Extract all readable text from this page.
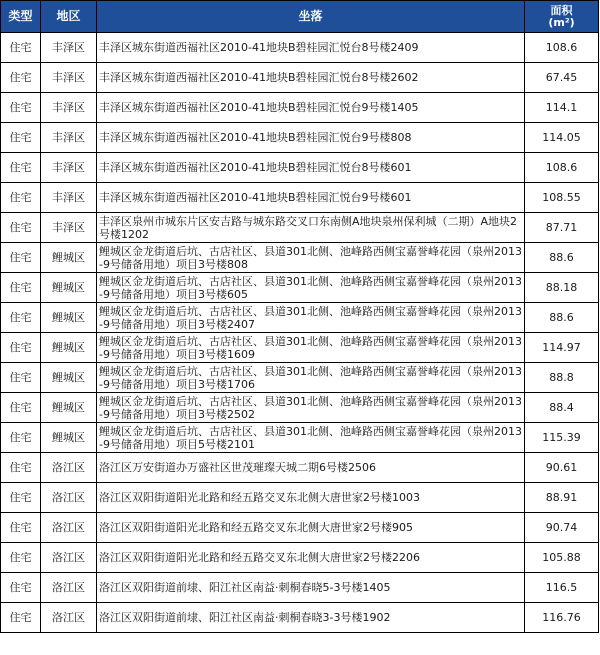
类型	地区	坐落	面积
(m²)

住宅	丰泽区	丰泽区城东街道西福社区2010-41地块B碧桂园汇悦台8号楼2409	108.6
住宅	丰泽区	丰泽区城东街道西福社区2010-41地块B碧桂园汇悦台8号楼2602	67.45
住宅	丰泽区	丰泽区城东街道西福社区2010-41地块B碧桂园汇悦台9号楼1405	114.1
住宅	丰泽区	丰泽区城东街道西福社区2010-41地块B碧桂园汇悦台9号楼808	114.05
住宅	丰泽区	丰泽区城东街道西福社区2010-41地块B碧桂园汇悦台8号楼601	108.6
住宅	丰泽区	丰泽区城东街道西福社区2010-41地块B碧桂园汇悦台9号楼601	108.55
住宅	丰泽区	丰泽区泉州市城东片区安吉路与城东路交叉口东南侧A地块泉州保利城（二期）A地块2号楼1202	87.71
住宅	鲤城区	鲤城区金龙街道后坑、古店社区、县道301北侧、池峰路西侧宝嘉誉峰花园（泉州2013-9号储备用地）项目3号楼808	88.6
住宅	鲤城区	鲤城区金龙街道后坑、古店社区、县道301北侧、池峰路西侧宝嘉誉峰花园（泉州2013-9号储备用地）项目3号楼605	88.18
住宅	鲤城区	鲤城区金龙街道后坑、古店社区、县道301北侧、池峰路西侧宝嘉誉峰花园（泉州2013-9号储备用地）项目3号楼2407	88.6
住宅	鲤城区	鲤城区金龙街道后坑、古店社区、县道301北侧、池峰路西侧宝嘉誉峰花园（泉州2013-9号储备用地）项目3号楼1609	114.97
住宅	鲤城区	鲤城区金龙街道后坑、古店社区、县道301北侧、池峰路西侧宝嘉誉峰花园（泉州2013-9号储备用地）项目3号楼1706	88.8
住宅	鲤城区	鲤城区金龙街道后坑、古店社区、县道301北侧、池峰路西侧宝嘉誉峰花园（泉州2013-9号储备用地）项目3号楼2502	88.4
住宅	鲤城区	鲤城区金龙街道后坑、古店社区、县道301北侧、池峰路西侧宝嘉誉峰花园（泉州2013-9号储备用地）项目5号楼2101	115.39
住宅	洛江区	洛江区万安街道办万盛社区世茂璀璨天城二期6号楼2506	90.61
住宅	洛江区	洛江区双阳街道阳光北路和经五路交叉东北侧大唐世家2号楼1003	88.91
住宅	洛江区	洛江区双阳街道阳光北路和经五路交叉东北侧大唐世家2号楼905	90.74
住宅	洛江区	洛江区双阳街道阳光北路和经五路交叉东北侧大唐世家2号楼2206	105.88
住宅	洛江区	洛江区双阳街道前埭、阳江社区南益·刺桐春晓5-3号楼1405	116.5
住宅	洛江区	洛江区双阳街道前埭、阳江社区南益·刺桐春晓3-3号楼1902	116.76
